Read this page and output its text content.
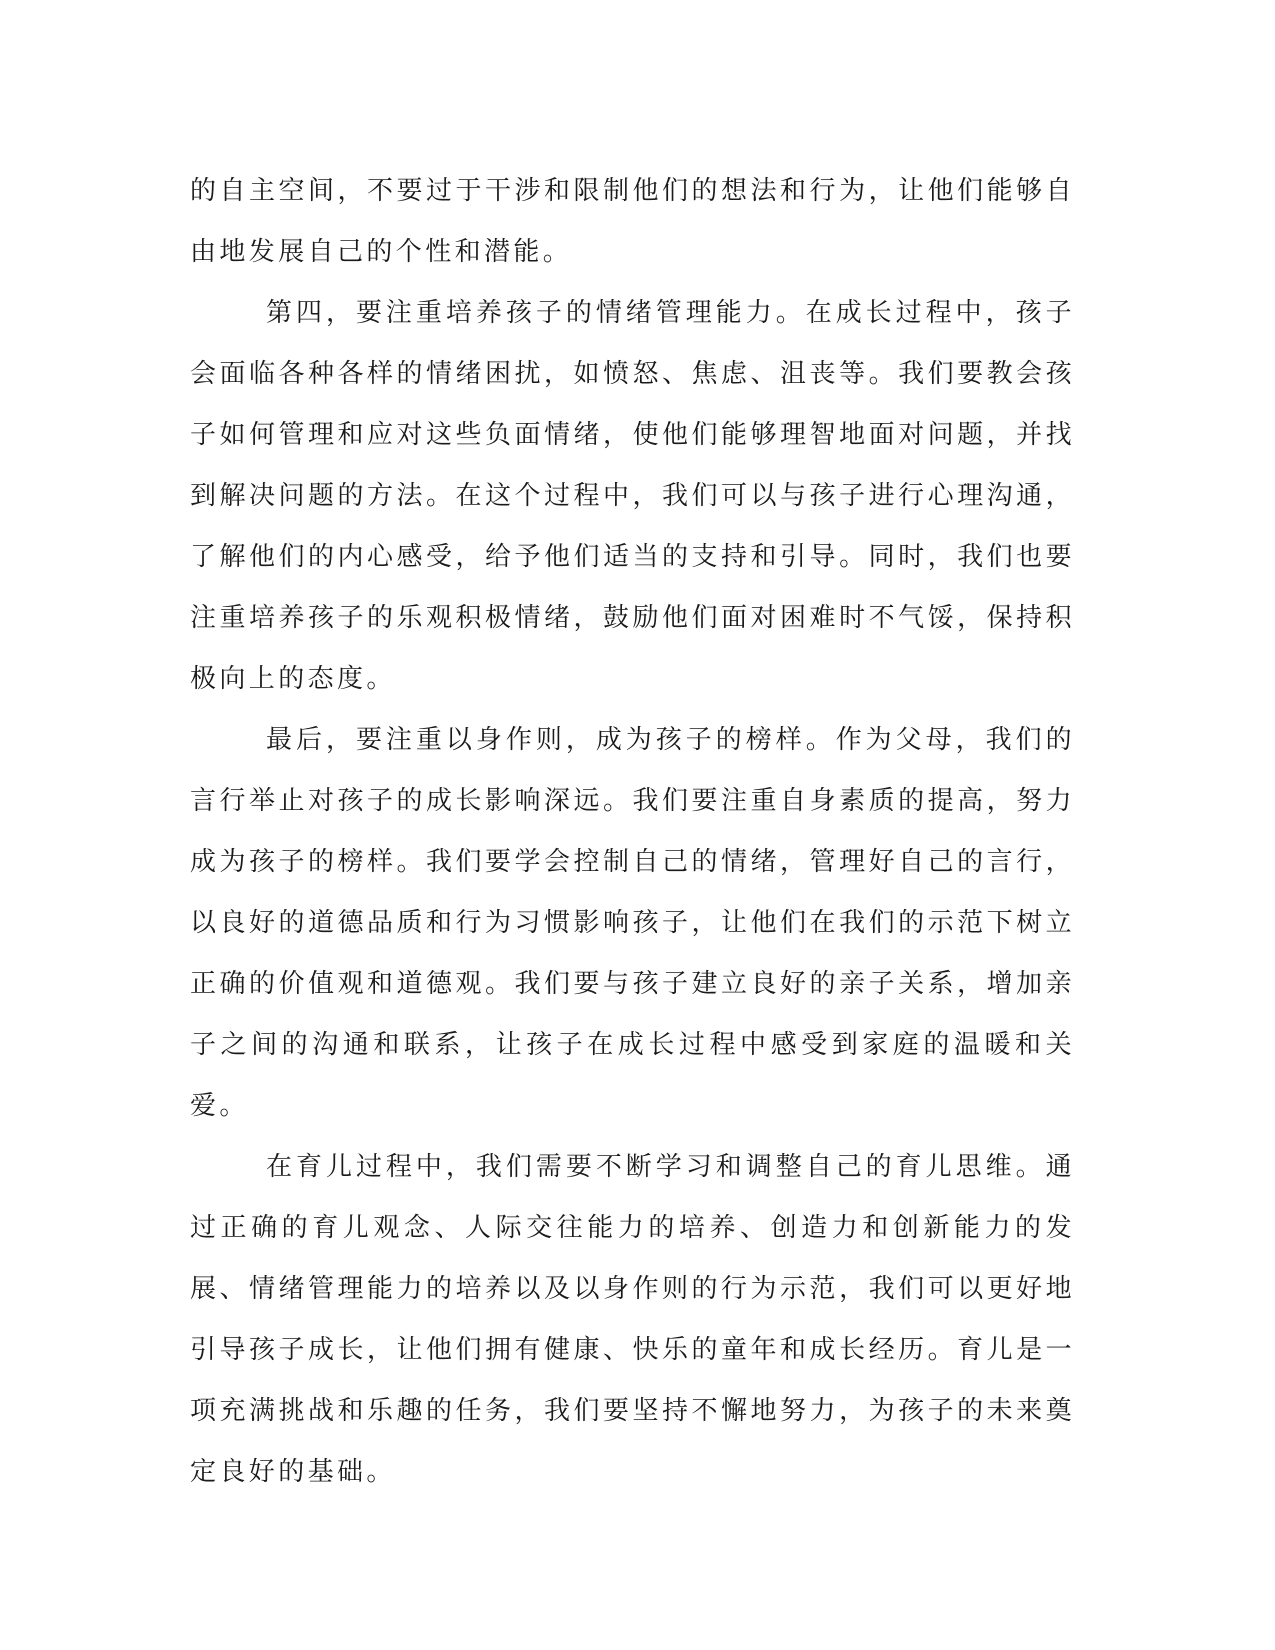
的自主空间，不要过于干涉和限制他们的想法和行为，让他们能够自由地发展自己的个性和潜能。

第四，要注重培养孩子的情绪管理能力。在成长过程中，孩子会面临各种各样的情绪困扰，如愤怒、焦虑、沮丧等。我们要教会孩子如何管理和应对这些负面情绪，使他们能够理智地面对问题，并找到解决问题的方法。在这个过程中，我们可以与孩子进行心理沟通，了解他们的内心感受，给予他们适当的支持和引导。同时，我们也要注重培养孩子的乐观积极情绪，鼓励他们面对困难时不气馁，保持积极向上的态度。

最后，要注重以身作则，成为孩子的榜样。作为父母，我们的言行举止对孩子的成长影响深远。我们要注重自身素质的提高，努力成为孩子的榜样。我们要学会控制自己的情绪，管理好自己的言行，以良好的道德品质和行为习惯影响孩子，让他们在我们的示范下树立正确的价值观和道德观。我们要与孩子建立良好的亲子关系，增加亲子之间的沟通和联系，让孩子在成长过程中感受到家庭的温暖和关爱。

在育儿过程中，我们需要不断学习和调整自己的育儿思维。通过正确的育儿观念、人际交往能力的培养、创造力和创新能力的发展、情绪管理能力的培养以及以身作则的行为示范，我们可以更好地引导孩子成长，让他们拥有健康、快乐的童年和成长经历。育儿是一项充满挑战和乐趣的任务，我们要坚持不懈地努力，为孩子的未来奠定良好的基础。
